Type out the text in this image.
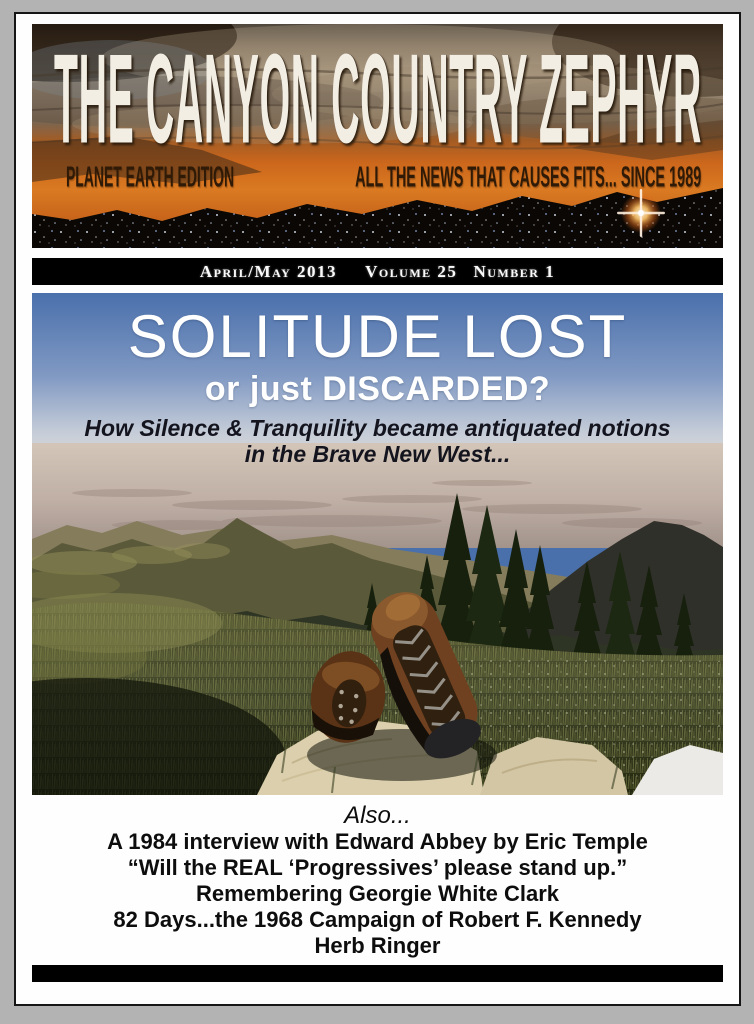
THE CANYON COUNTRY ZEPHYR
PLANET EARTH EDITION	ALL THE NEWS THAT CAUSES FITS... SINCE 1989
April/May 2013 Volume 25 Number 1
SOLITUDE LOST
or just DISCARDED?
How Silence & Tranquility became antiquated notions
in the Brave New West...
Also...
A 1984 interview with Edward Abbey by Eric Temple
“Will the REAL ‘Progressives’ please stand up.”
Remembering Georgie White Clark
82 Days...the 1968 Campaign of Robert F. Kennedy
Herb Ringer
